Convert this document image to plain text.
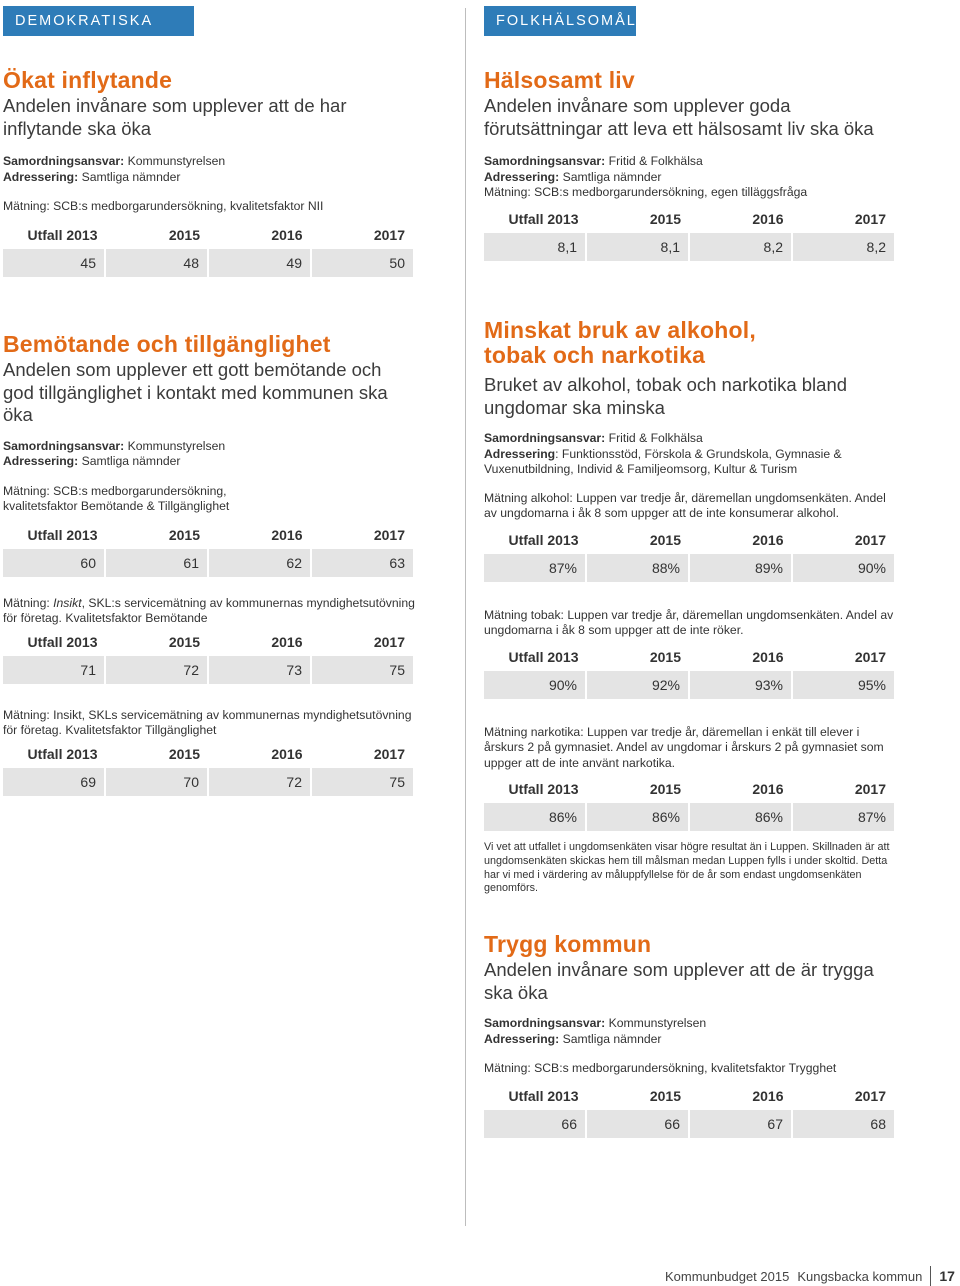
DEMOKRATISKA MÅL
FOLKHÄLSOMÅL
Ökat inflytande
Andelen invånare som upplever att de har inflytande ska öka
Samordningsansvar: Kommunstyrelsen
Adressering: Samtliga nämnder
Mätning: SCB:s medborgarundersökning, kvalitetsfaktor NII
Utfall 2013	2015	2016	2017
45	48	49	50
Bemötande och tillgänglighet
Andelen som upplever ett gott bemötande och god tillgänglighet i kontakt med kommunen ska öka
Samordningsansvar: Kommunstyrelsen
Adressering: Samtliga nämnder
Mätning: SCB:s medborgarundersökning,
kvalitetsfaktor Bemötande & Tillgänglighet
Utfall 2013	2015	2016	2017
60	61	62	63
Mätning: Insikt, SKL:s servicemätning av kommunernas myndighetsutövning för företag. Kvalitetsfaktor Bemötande
Utfall 2013	2015	2016	2017
71	72	73	75
Mätning: Insikt, SKLs servicemätning av kommunernas myndighetsutövning för företag. Kvalitetsfaktor Tillgänglighet
Utfall 2013	2015	2016	2017
69	70	72	75
Hälsosamt liv
Andelen invånare som upplever goda förutsättningar att leva ett hälsosamt liv ska öka
Samordningsansvar: Fritid & Folkhälsa
Adressering: Samtliga nämnder
Mätning: SCB:s medborgarundersökning, egen tilläggsfråga
Utfall 2013	2015	2016	2017
8,1	8,1	8,2	8,2
Minskat bruk av alkohol,
tobak och narkotika
Bruket av alkohol, tobak och narkotika bland ungdomar ska minska
Samordningsansvar: Fritid & Folkhälsa
Adressering: Funktionsstöd, Förskola & Grundskola, Gymnasie & Vuxenutbildning, Individ & Familjeomsorg, Kultur & Turism
Mätning alkohol: Luppen var tredje år, däremellan ungdomsenkäten. Andel av ungdomarna i åk 8 som uppger att de inte konsumerar alkohol.
Utfall 2013	2015	2016	2017
87%	88%	89%	90%
Mätning tobak: Luppen var tredje år, däremellan ungdomsenkäten. Andel av ungdomarna i åk 8 som uppger att de inte röker.
Utfall 2013	2015	2016	2017
90%	92%	93%	95%
Mätning narkotika: Luppen var tredje år, däremellan i enkät till elever i årskurs 2 på gymnasiet. Andel av ungdomar i årskurs 2 på gymnasiet som uppger att de inte använt narkotika.
Utfall 2013	2015	2016	2017
86%	86%	86%	87%
Vi vet att utfallet i ungdomsenkäten visar högre resultat än i Luppen. Skillnaden är att ungdomsenkäten skickas hem till målsman medan Luppen fylls i under skoltid. Detta har vi med i värdering av måluppfyllelse för de år som endast ungdomsenkäten genomförs.
Trygg kommun
Andelen invånare som upplever att de är trygga ska öka
Samordningsansvar: Kommunstyrelsen
Adressering: Samtliga nämnder
Mätning: SCB:s medborgarundersökning, kvalitetsfaktor Trygghet
Utfall 2013	2015	2016	2017
66	66	67	68
Kommunbudget 2015 Kungsbacka kommun 17
